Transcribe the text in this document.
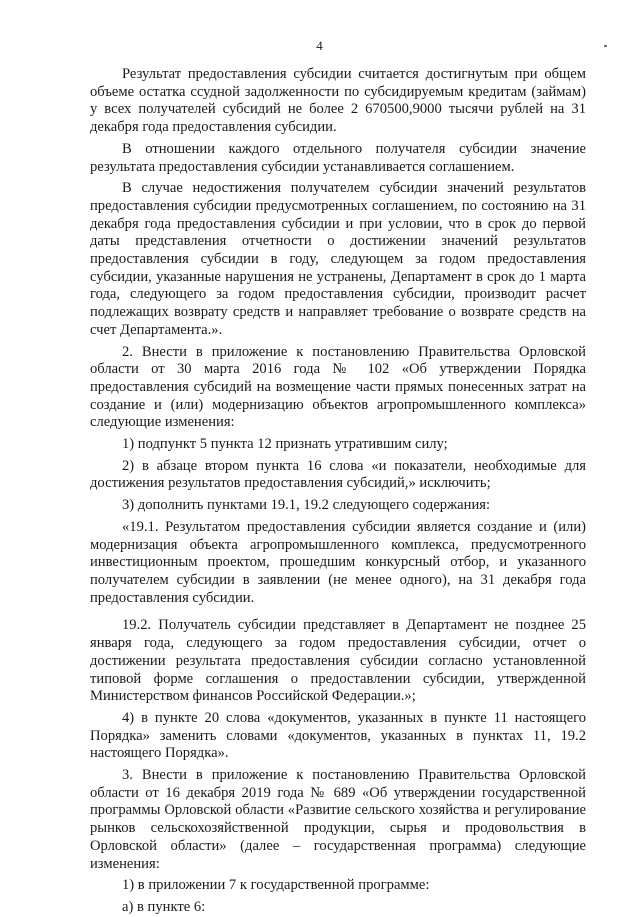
4

Результат предоставления субсидии считается достигнутым при общем объеме остатка ссудной задолженности по субсидируемым кредитам (займам) у всех получателей субсидий не более 2 670500,9000 тысячи рублей на 31 декабря года предоставления субсидии.

В отношении каждого отдельного получателя субсидии значение результата предоставления субсидии устанавливается соглашением.

В случае недостижения получателем субсидии значений результатов предоставления субсидии предусмотренных соглашением, по состоянию на 31 декабря года предоставления субсидии и при условии, что в срок до первой даты представления отчетности о достижении значений результатов предоставления субсидии в году, следующем за годом предоставления субсидии, указанные нарушения не устранены, Департамент в срок до 1 марта года, следующего за годом предоставления субсидии, производит расчет подлежащих возврату средств и направляет требование о возврате средств на счет Департамента.».

2. Внести в приложение к постановлению Правительства Орловской области от 30 марта 2016 года № 102 «Об утверждении Порядка предоставления субсидий на возмещение части прямых понесенных затрат на создание и (или) модернизацию объектов агропромышленного комплекса» следующие изменения:

1) подпункт 5 пункта 12 признать утратившим силу;

2) в абзаце втором пункта 16 слова «и показатели, необходимые для достижения результатов предоставления субсидий,» исключить;

3) дополнить пунктами 19.1, 19.2 следующего содержания:

«19.1. Результатом предоставления субсидии является создание и (или) модернизация объекта агропромышленного комплекса, предусмотренного инвестиционным проектом, прошедшим конкурсный отбор, и указанного получателем субсидии в заявлении (не менее одного), на 31 декабря года предоставления субсидии.

19.2. Получатель субсидии представляет в Департамент не позднее 25 января года, следующего за годом предоставления субсидии, отчет о достижении результата предоставления субсидии согласно установленной типовой форме соглашения о предоставлении субсидии, утвержденной Министерством финансов Российской Федерации.»;

4) в пункте 20 слова «документов, указанных в пункте 11 настоящего Порядка» заменить словами «документов, указанных в пунктах 11, 19.2 настоящего Порядка».

3. Внести в приложение к постановлению Правительства Орловской области от 16 декабря 2019 года № 689 «Об утверждении государственной программы Орловской области «Развитие сельского хозяйства и регулирование рынков сельскохозяйственной продукции, сырья и продовольствия в Орловской области» (далее – государственная программа) следующие изменения:

1) в приложении 7 к государственной программе:

а) в пункте 6:
